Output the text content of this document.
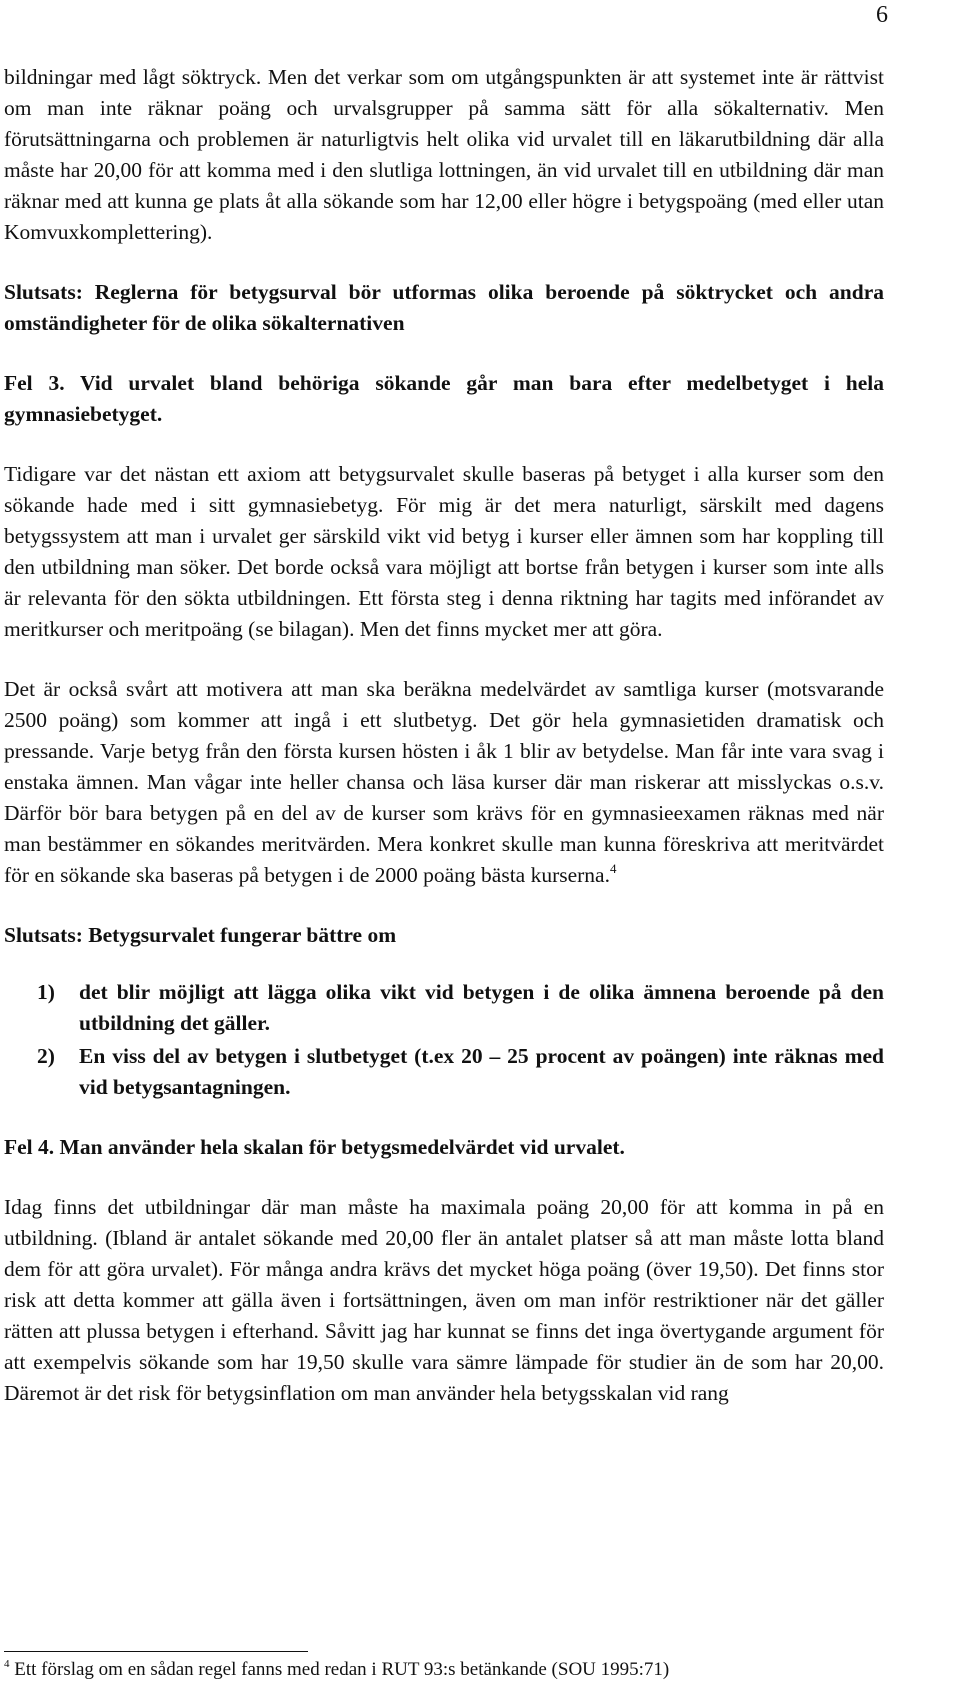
6

bildningar med lågt söktryck. Men det verkar som om utgångspunkten är att systemet inte är rättvist om man inte räknar poäng och urvalsgrupper på samma sätt för alla sökalternativ. Men förutsättningarna och problemen är naturligtvis helt olika vid urvalet till en läkarutbildning där alla måste har 20,00 för att komma med i den slutliga lottningen, än vid urvalet till en utbildning där man räknar med att kunna ge plats åt alla sökande som har 12,00 eller högre i betygspoäng (med eller utan Komvuxkomplettering).

Slutsats: Reglerna för betygsurval bör utformas olika beroende på söktrycket och andra omständigheter för de olika sökalternativen

Fel 3. Vid urvalet bland behöriga sökande går man bara efter medelbetyget i hela gymnasiebetyget.

Tidigare var det nästan ett axiom att betygsurvalet skulle baseras på betyget i alla kurser som den sökande hade med i sitt gymnasiebetyg. För mig är det mera naturligt, särskilt med dagens betygssystem att man i urvalet ger särskild vikt vid betyg i kurser eller ämnen som har koppling till den utbildning man söker. Det borde också vara möjligt att bortse från betygen i kurser som inte alls är relevanta för den sökta utbildningen. Ett första steg i denna riktning har tagits med införandet av meritkurser och meritpoäng (se bilagan). Men det finns mycket mer att göra.

Det är också svårt att motivera att man ska beräkna medelvärdet av samtliga kurser (motsvarande 2500 poäng) som kommer att ingå i ett slutbetyg. Det gör hela gymnasietiden dramatisk och pressande. Varje betyg från den första kursen hösten i åk 1 blir av betydelse. Man får inte vara svag i enstaka ämnen. Man vågar inte heller chansa och läsa kurser där man riskerar att misslyckas o.s.v. Därför bör bara betygen på en del av de kurser som krävs för en gymnasieexamen räknas med när man bestämmer en sökandes meritvärden. Mera konkret skulle man kunna föreskriva att meritvärdet för en sökande ska baseras på betygen i de 2000 poäng bästa kurserna.$^4$

Slutsats: Betygsurvalet fungerar bättre om

1) det blir möjligt att lägga olika vikt vid betygen i de olika ämnena beroende på den utbildning det gäller.
2) En viss del av betygen i slutbetyget (t.ex 20 – 25 procent av poängen) inte räknas med vid betygsantagningen.

Fel 4. Man använder hela skalan för betygsmedelvärdet vid urvalet.

Idag finns det utbildningar där man måste ha maximala poäng 20,00 för att komma in på en utbildning. (Ibland är antalet sökande med 20,00 fler än antalet platser så att man måste lotta bland dem för att göra urvalet). För många andra krävs det mycket höga poäng (över 19,50). Det finns stor risk att detta kommer att gälla även i fortsättningen, även om man inför restriktioner när det gäller rätten att plussa betygen i efterhand. Såvitt jag har kunnat se finns det inga övertygande argument för att exempelvis sökande som har 19,50 skulle vara sämre lämpade för studier än de som har 20,00. Däremot är det risk för betygsinflation om man använder hela betygsskalan vid rang

$^4$ Ett förslag om en sådan regel fanns med redan i RUT 93:s betänkande (SOU 1995:71)
